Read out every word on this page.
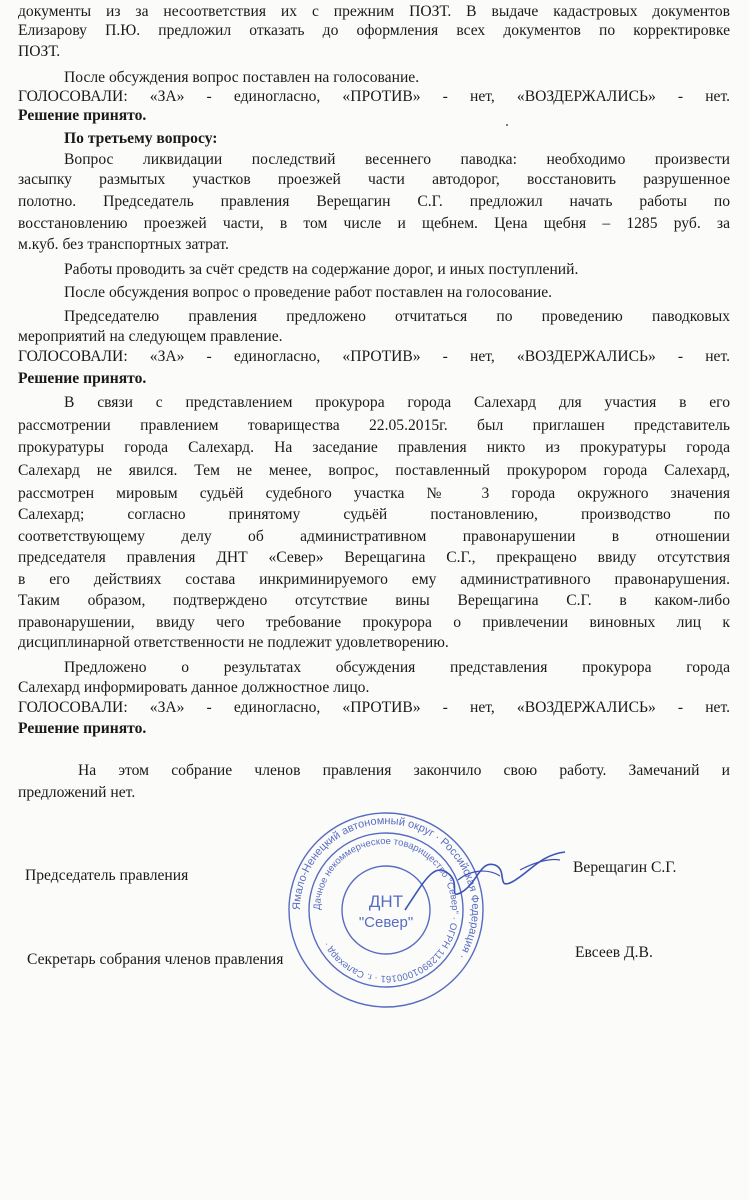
документы из за несоответствия их с прежним ПОЗТ. В выдаче кадастровых документов
Елизарову П.Ю. предложил отказать до оформления всех документов по корректировке
ПОЗТ.
После обсуждения вопрос поставлен на голосование.
ГОЛОСОВАЛИ: «ЗА» - единогласно, «ПРОТИВ» - нет, «ВОЗДЕРЖАЛИСЬ» - нет.
Решение принято.
По третьему вопросу:
Вопрос ликвидации последствий весеннего паводка: необходимо произвести
засыпку размытых участков проезжей части автодорог, восстановить разрушенное
полотно. Председатель правления Верещагин С.Г. предложил начать работы по
восстановлению проезжей части, в том числе и щебнем. Цена щебня – 1285 руб. за
м.куб. без транспортных затрат.
Работы проводить за счёт средств на содержание дорог, и иных поступлений.
После обсуждения вопрос о проведение работ поставлен на голосование.
Председателю правления предложено отчитаться по проведению паводковых
мероприятий на следующем правление.
ГОЛОСОВАЛИ: «ЗА» - единогласно, «ПРОТИВ» - нет, «ВОЗДЕРЖАЛИСЬ» - нет.
Решение принято.
В связи с представлением прокурора города Салехард для участия в его
рассмотрении правлением товарищества 22.05.2015г. был приглашен представитель
прокуратуры города Салехард. На заседание правления никто из прокуратуры города
Салехард не явился. Тем не менее, вопрос, поставленный прокурором города Салехард,
рассмотрен мировым судьёй судебного участка № 3 города окружного значения
Салехард; согласно принятому судьёй постановлению, производство по
соответствующему делу об административном правонарушении в отношении
председателя правления ДНТ «Север» Верещагина С.Г., прекращено ввиду отсутствия
в его действиях состава инкриминируемого ему административного правонарушения.
Таким образом, подтверждено отсутствие вины Верещагина С.Г. в каком-либо
правонарушении, ввиду чего требование прокурора о привлечении виновных лиц к
дисциплинарной ответственности не подлежит удовлетворению.
Предложено о результатах обсуждения представления прокурора города
Салехард информировать данное должностное лицо.
ГОЛОСОВАЛИ: «ЗА» - единогласно, «ПРОТИВ» - нет, «ВОЗДЕРЖАЛИСЬ» - нет.
Решение принято.
На этом собрание членов правления закончило свою работу. Замечаний и
предложений нет.
Председатель правления	Верещагин С.Г.
Секретарь собрания членов правления	Евсеев Д.В.
Ямало-Ненецкий автономный округ · Российская Федерация ·
Дачное некоммерческое товарищество "Север" · ОГРН 1128901000161 · г. Салехард ·
ДНТ
"Север"
